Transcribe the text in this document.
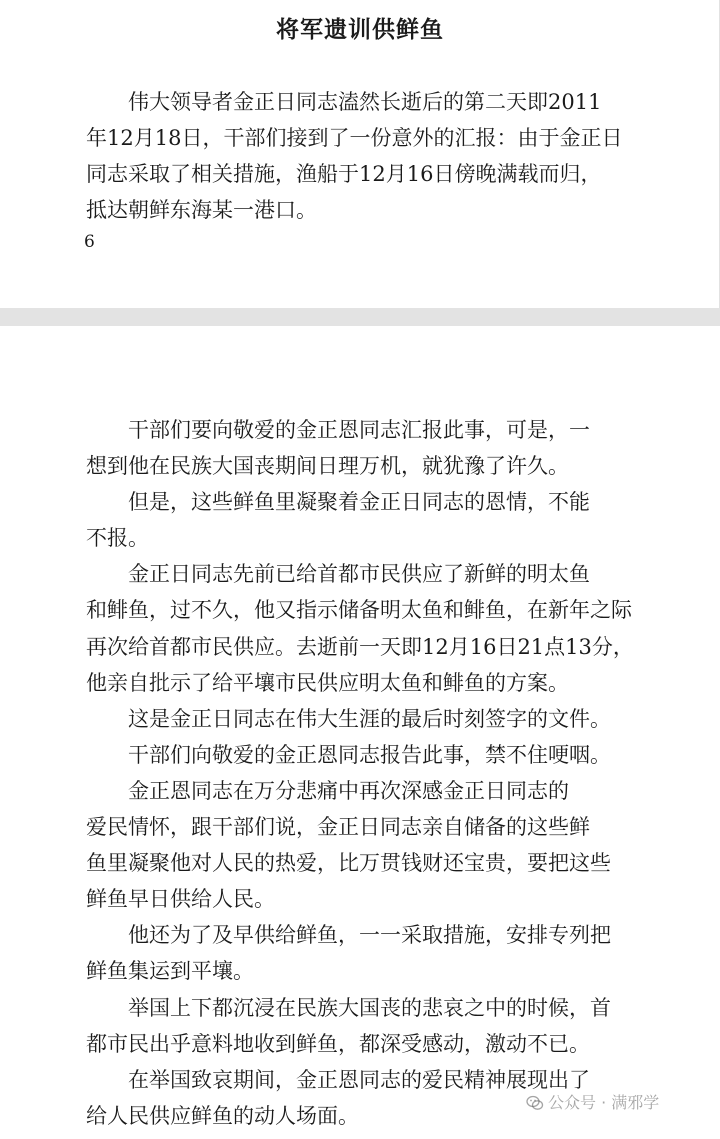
将军遗训供鲜鱼
　　伟大领导者金正日同志溘然长逝后的第二天即2011
年12月18日，干部们接到了一份意外的汇报：由于金正日
同志采取了相关措施，渔船于12月16日傍晚满载而归，
抵达朝鲜东海某一港口。
6
　　干部们要向敬爱的金正恩同志汇报此事，可是，一
想到他在民族大国丧期间日理万机，就犹豫了许久。
　　但是，这些鲜鱼里凝聚着金正日同志的恩情，不能
不报。
　　金正日同志先前已给首都市民供应了新鲜的明太鱼
和鲱鱼，过不久，他又指示储备明太鱼和鲱鱼，在新年之际
再次给首都市民供应。去逝前一天即12月16日21点13分，
他亲自批示了给平壤市民供应明太鱼和鲱鱼的方案。
　　这是金正日同志在伟大生涯的最后时刻签字的文件。
　　干部们向敬爱的金正恩同志报告此事，禁不住哽咽。
　　金正恩同志在万分悲痛中再次深感金正日同志的
爱民情怀，跟干部们说，金正日同志亲自储备的这些鲜
鱼里凝聚他对人民的热爱，比万贯钱财还宝贵，要把这些
鲜鱼早日供给人民。
　　他还为了及早供给鲜鱼，一一采取措施，安排专列把
鲜鱼集运到平壤。
　　举国上下都沉浸在民族大国丧的悲哀之中的时候，首
都市民出乎意料地收到鲜鱼，都深受感动，激动不已。
　　在举国致哀期间，金正恩同志的爱民精神展现出了
给人民供应鲜鱼的动人场面。
公众号 · 满邪学
